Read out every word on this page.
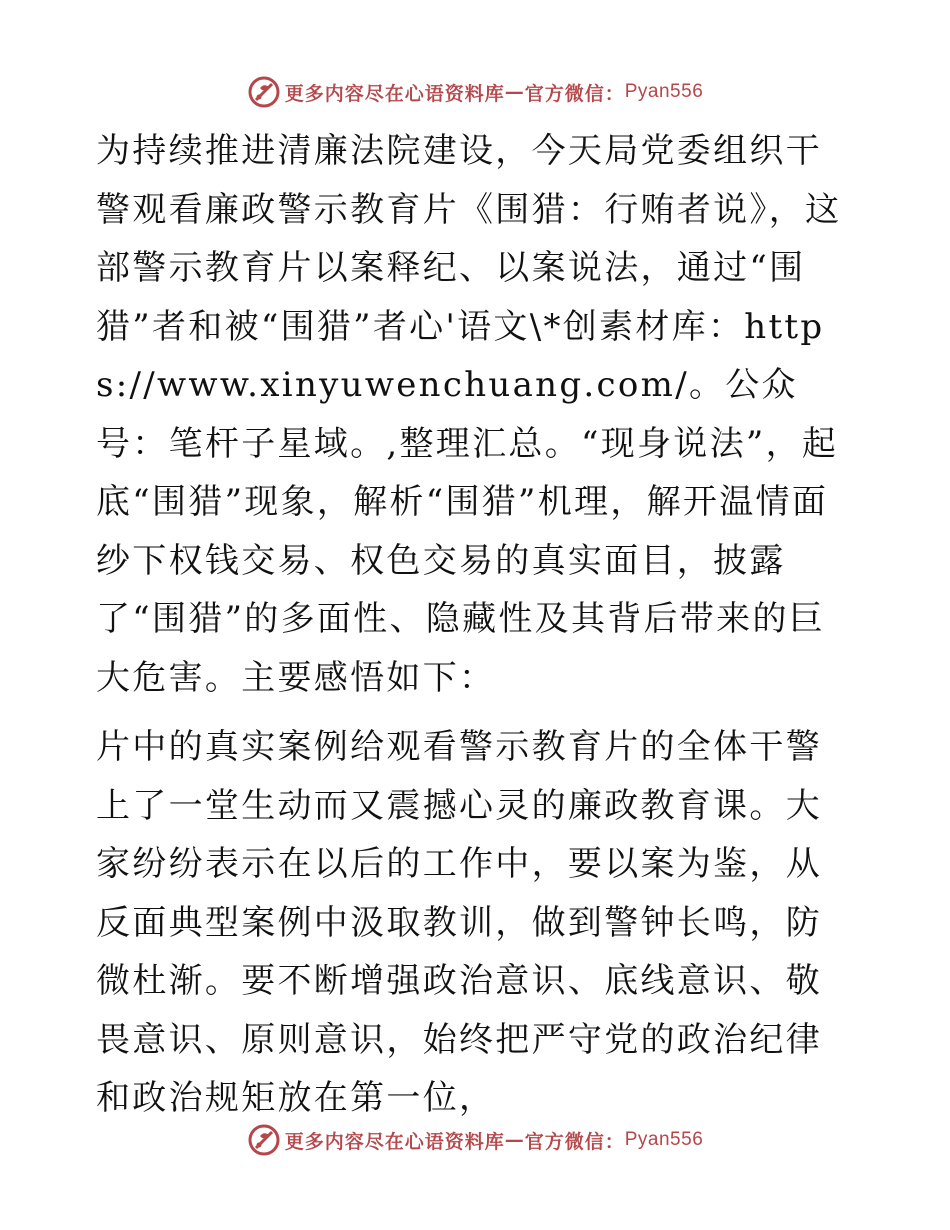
更多内容尽在心语资料库 — 官方微信： Pyan556

为持续推进清廉法院建设，今天局党委组织干警观看廉政警示教育片《围猎：行贿者说》，这部警示教育片以案释纪、以案说法，通过“围猎”者和被“围猎”者心'语文\*创素材库：https://www.xinyuwenchuang.com/。公众号：笔杆子星域。,整理汇总。“现身说法”，起底“围猎”现象，解析“围猎”机理，解开温情面纱下权钱交易、权色交易的真实面目，披露了“围猎”的多面性、隐藏性及其背后带来的巨大危害。主要感悟如下：

片中的真实案例给观看警示教育片的全体干警上了一堂生动而又震撼心灵的廉政教育课。大家纷纷表示在以后的工作中，要以案为鉴，从反面典型案例中汲取教训，做到警钟长鸣，防微杜渐。要不断增强政治意识、底线意识、敬畏意识、原则意识，始终把严守党的政治纪律和政治规矩放在第一位，

更多内容尽在心语资料库 — 官方微信： Pyan556
